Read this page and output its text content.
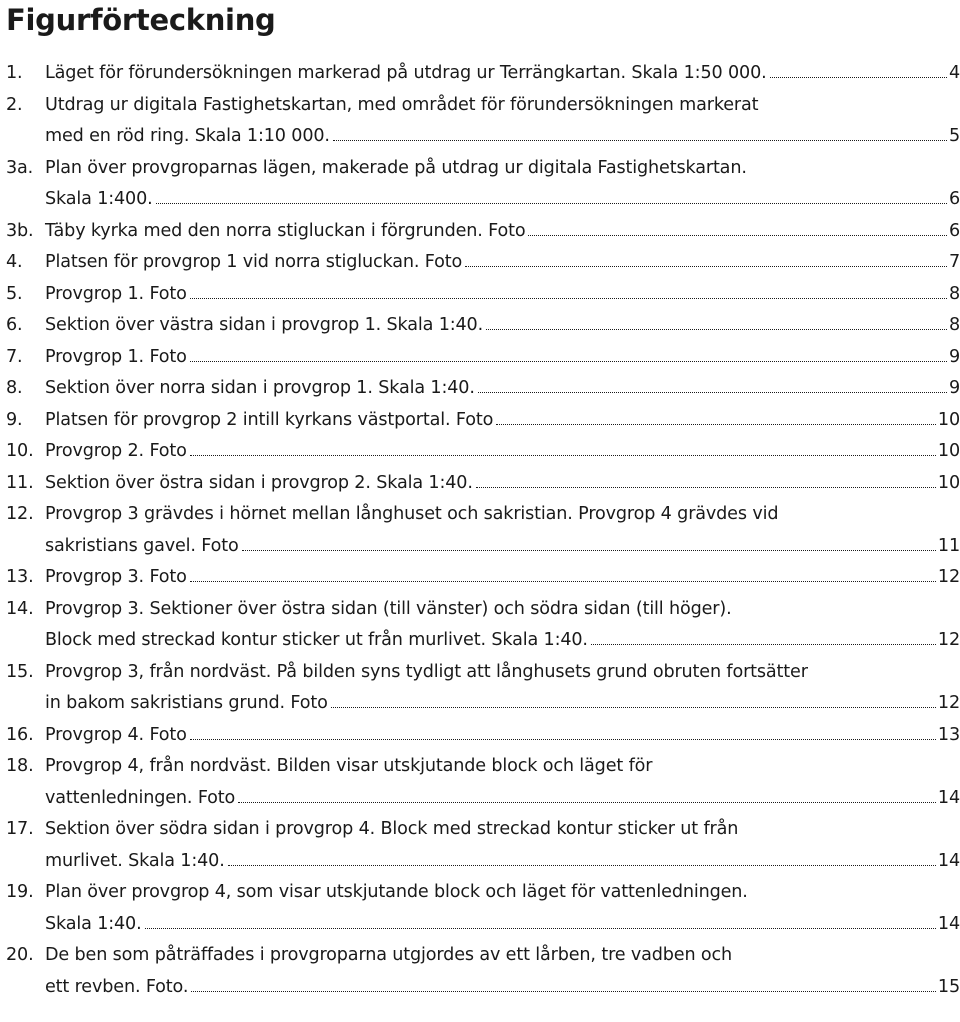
Figurförteckning
1.	Läget för förundersökningen markerad på utdrag ur Terrängkartan. Skala 1:50 000.	4
2.	Utdrag ur digitala Fastighetskartan, med området för förundersökningen markerat
med en röd ring. Skala 1:10 000.	5
3a. Plan över provgroparnas lägen, makerade på utdrag ur digitala Fastighetskartan.
Skala 1:400.	6
3b. Täby kyrka med den norra stigluckan i förgrunden. Foto	6
4.	Platsen för provgrop 1 vid norra stigluckan. Foto	7
5.	Provgrop 1. Foto	8
6.	Sektion över västra sidan i provgrop 1. Skala 1:40.	8
7.	Provgrop 1. Foto	9
8.	Sektion över norra sidan i provgrop 1. Skala 1:40.	9
9.	Platsen för provgrop 2 intill kyrkans västportal. Foto	10
10. Provgrop 2. Foto	10
11. Sektion över östra sidan i provgrop 2. Skala 1:40.	10
12. Provgrop 3 grävdes i hörnet mellan långhuset och sakristian. Provgrop 4 grävdes vid
sakristians gavel. Foto	11
13. Provgrop 3. Foto	12
14. Provgrop 3. Sektioner över östra sidan (till vänster) och södra sidan (till höger).
Block med streckad kontur sticker ut från murlivet. Skala 1:40.	12
15. Provgrop 3, från nordväst. På bilden syns tydligt att långhusets grund obruten fortsätter
in bakom sakristians grund. Foto	12
16. Provgrop 4. Foto	13
18. Provgrop 4, från nordväst. Bilden visar utskjutande block och läget för
vattenledningen. Foto	14
17. Sektion över södra sidan i provgrop 4. Block med streckad kontur sticker ut från
murlivet. Skala 1:40.	14
19. Plan över provgrop 4, som visar utskjutande block och läget för vattenledningen.
Skala 1:40.	14
20. De ben som påträffades i provgroparna utgjordes av ett lårben, tre vadben och
ett revben. Foto.	15
